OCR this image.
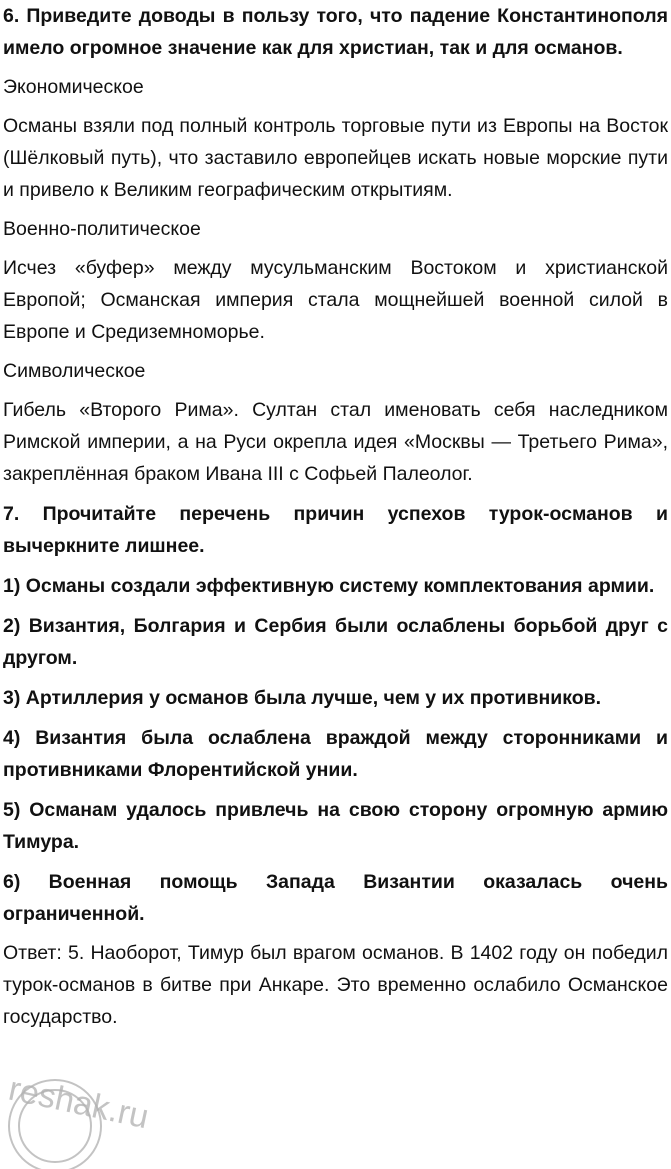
6. Приведите доводы в пользу того, что падение Константинополя имело огромное значение как для христиан, так и для османов.

Экономическое

Османы взяли под полный контроль торговые пути из Европы на Восток (Шёлковый путь), что заставило европейцев искать новые морские пути и привело к Великим географическим открытиям.

Военно-политическое

Исчез «буфер» между мусульманским Востоком и христианской Европой; Османская империя стала мощнейшей военной силой в Европе и Средиземноморье.

Символическое

Гибель «Второго Рима». Султан стал именовать себя наследником Римской империи, а на Руси окрепла идея «Москвы — Третьего Рима», закреплённая браком Ивана III с Софьей Палеолог.

7. Прочитайте перечень причин успехов турок-османов и вычеркните лишнее.

1) Османы создали эффективную систему комплектования армии.

2) Византия, Болгария и Сербия были ослаблены борьбой друг с другом.

3) Артиллерия у османов была лучше, чем у их противников.

4) Византия была ослаблена враждой между сторонниками и противниками Флорентийской унии.

5) Османам удалось привлечь на свою сторону огромную армию Тимура.

6) Военная помощь Запада Византии оказалась очень ограниченной.

Ответ: 5. Наоборот, Тимур был врагом османов. В 1402 году он победил турок-османов в битве при Анкаре. Это временно ослабило Османское государство.

reshak.ru
